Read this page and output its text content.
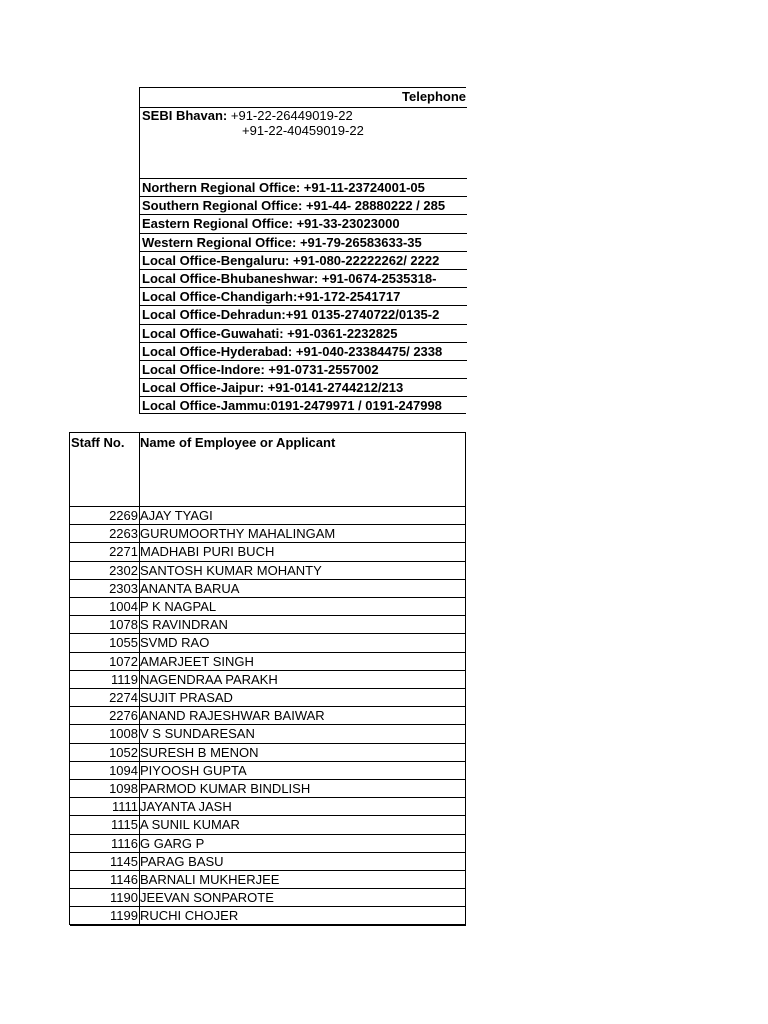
Telephone
SEBI Bhavan: +91-22-26449019-22
+91-22-40459019-22
Northern Regional Office: +91-11-23724001-05
Southern Regional Office: +91-44- 28880222 / 285
Eastern Regional Office: +91-33-23023000
Western Regional Office: +91-79-26583633-35
Local Office-Bengaluru: +91-080-22222262/ 2222
Local Office-Bhubaneshwar: +91-0674-2535318-
Local Office-Chandigarh:+91-172-2541717
Local Office-Dehradun:+91 0135-2740722/0135-2
Local Office-Guwahati: +91-0361-2232825
Local Office-Hyderabad: +91-040-23384475/ 2338
Local Office-Indore: +91-0731-2557002
Local Office-Jaipur: +91-0141-2744212/213
Local Office-Jammu:0191-2479971 / 0191-247998
Staff No. Name of Employee or Applicant
2269 AJAY TYAGI
2263 GURUMOORTHY MAHALINGAM
2271 MADHABI PURI BUCH
2302 SANTOSH KUMAR MOHANTY
2303 ANANTA BARUA
1004 P K NAGPAL
1078 S RAVINDRAN
1055 SVMD RAO
1072 AMARJEET SINGH
1119 NAGENDRAA PARAKH
2274 SUJIT PRASAD
2276 ANAND RAJESHWAR BAIWAR
1008 V S SUNDARESAN
1052 SURESH B MENON
1094 PIYOOSH GUPTA
1098 PARMOD KUMAR BINDLISH
1111 JAYANTA JASH
1115 A SUNIL KUMAR
1116 G GARG P
1145 PARAG BASU
1146 BARNALI MUKHERJEE
1190 JEEVAN SONPAROTE
1199 RUCHI CHOJER
